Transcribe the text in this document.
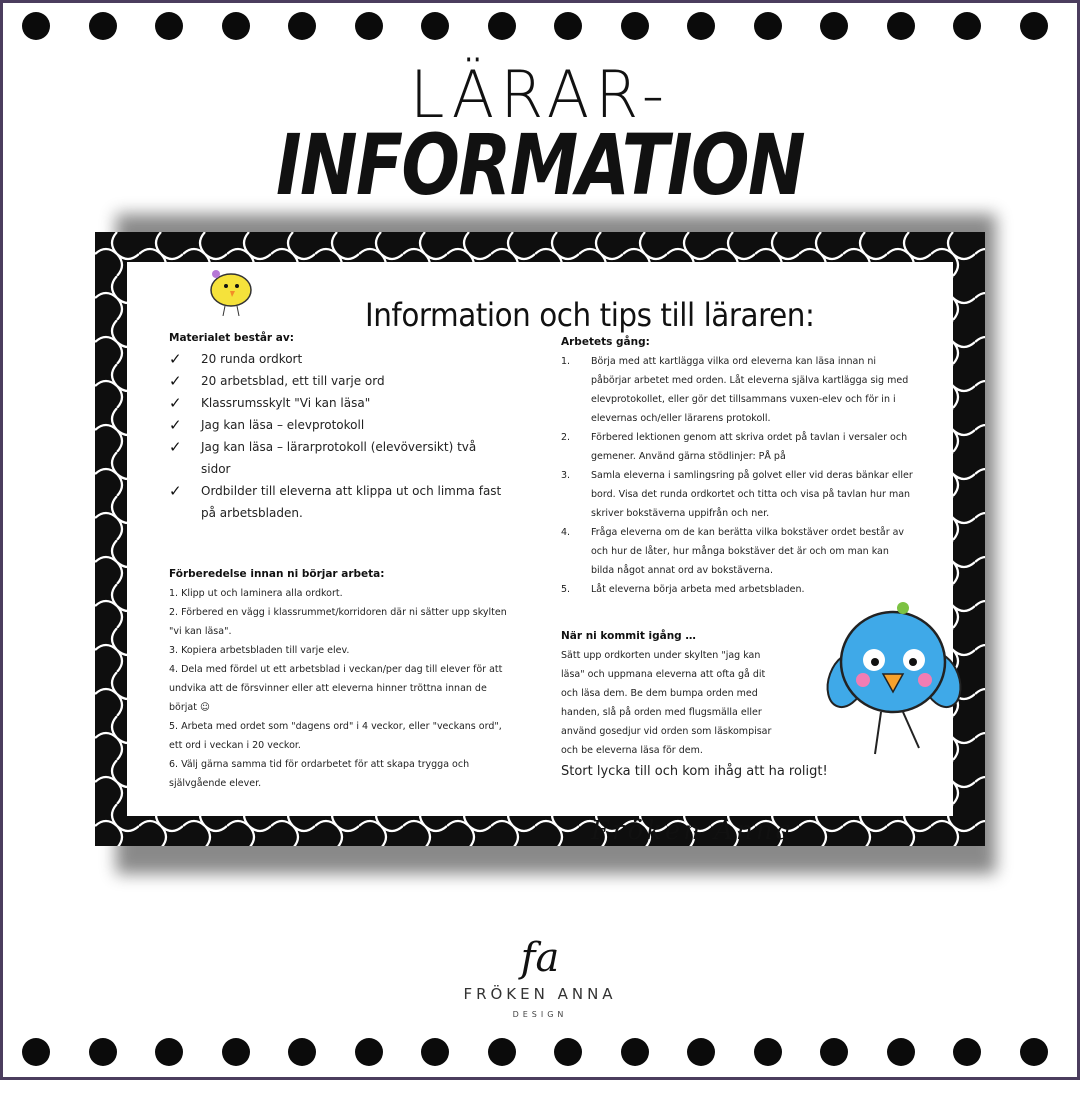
LÄRAR-
INFORMATION
Information och tips till läraren:
Materialet består av:
✓ 20 runda ordkort
✓ 20 arbetsblad, ett till varje ord
✓ Klassrumsskylt "Vi kan läsa"
✓ Jag kan läsa – elevprotokoll
✓ Jag kan läsa – lärarprotokoll (elevöversikt) två sidor
✓ Ordbilder till eleverna att klippa ut och limma fast på arbetsbladen.
Förberedelse innan ni börjar arbeta:

1. Klipp ut och laminera alla ordkort.

2. Förbered en vägg i klassrummet/korridoren där ni sätter upp skylten "vi kan läsa".

3. Kopiera arbetsbladen till varje elev.

4. Dela med fördel ut ett arbetsblad i veckan/per dag till elever för att undvika att de försvinner eller att eleverna hinner tröttna innan de börjat ☺

5. Arbeta med ordet som "dagens ord" i 4 veckor, eller "veckans ord", ett ord i veckan i 20 veckor.

6. Välj gärna samma tid för ordarbetet för att skapa trygga och självgående elever.

Arbetets gång:
1. Börja med att kartlägga vilka ord eleverna kan läsa innan ni påbörjar arbetet med orden. Låt eleverna själva kartlägga sig med elevprotokollet, eller gör det tillsammans vuxen-elev och för in i elevernas och/eller lärarens protokoll.
2. Förbered lektionen genom att skriva ordet på tavlan i versaler och gemener. Använd gärna stödlinjer: PÅ på
3. Samla eleverna i samlingsring på golvet eller vid deras bänkar eller bord. Visa det runda ordkortet och titta och visa på tavlan hur man skriver bokstäverna uppifrån och ner.
4. Fråga eleverna om de kan berätta vilka bokstäver ordet består av och hur de låter, hur många bokstäver det är och om man kan bilda något annat ord av bokstäverna.
5. Låt eleverna börja arbeta med arbetsbladen.
När ni kommit igång …

Sätt upp ordkorten under skylten "jag kan läsa" och uppmana eleverna att ofta gå dit och läsa dem. Be dem bumpa orden med handen, slå på orden med flugsmälla eller använd gosedjur vid orden som läskompisar och be eleverna läsa för dem.

Stort lycka till och kom ihåg att ha roligt!
Fröken Anna
fa
FRÖKEN ANNA
DESIGN
